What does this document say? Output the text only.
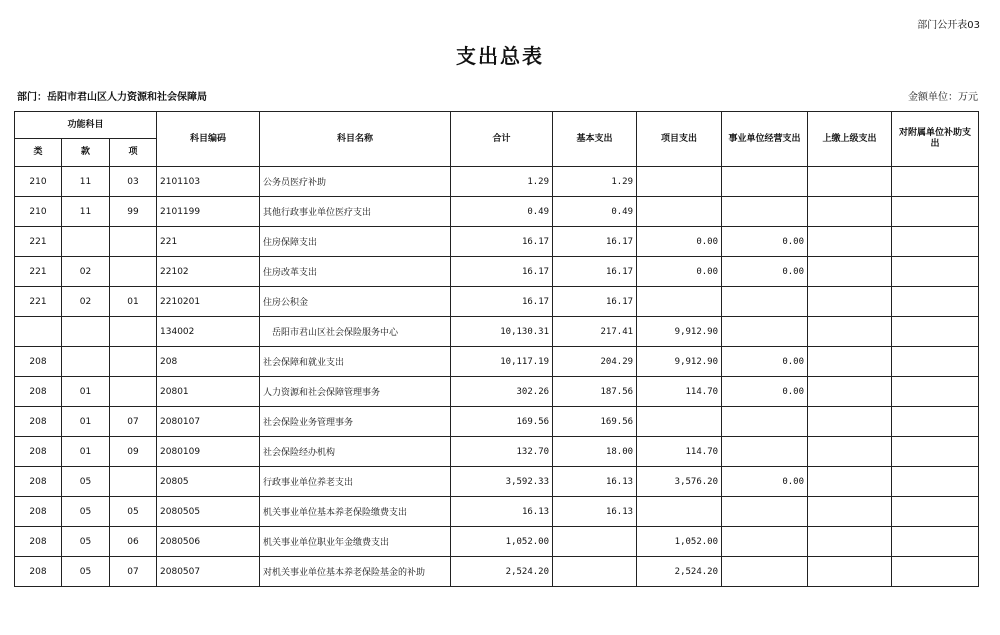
部门公开表03
支出总表
部门：岳阳市君山区人力资源和社会保障局	金额单位：万元
功能科目			科目编码	科目名称	合计	基本支出	项目支出	事业单位经营支出	上缴上级支出	对附属单位补助支出
类	款	项								
210	11	03	2101103	公务员医疗补助	1.29	1.29				
210	11	99	2101199	其他行政事业单位医疗支出	0.49	0.49				
221			221	住房保障支出	16.17	16.17	0.00	0.00		
221	02		22102	住房改革支出	16.17	16.17	0.00	0.00		
221	02	01	2210201	住房公积金	16.17	16.17				
			134002	岳阳市君山区社会保险服务中心	10,130.31	217.41	9,912.90			
208			208	社会保障和就业支出	10,117.19	204.29	9,912.90	0.00		
208	01		20801	人力资源和社会保障管理事务	302.26	187.56	114.70	0.00		
208	01	07	2080107	社会保险业务管理事务	169.56	169.56				
208	01	09	2080109	社会保险经办机构	132.70	18.00	114.70			
208	05		20805	行政事业单位养老支出	3,592.33	16.13	3,576.20	0.00		
208	05	05	2080505	机关事业单位基本养老保险缴费支出	16.13	16.13				
208	05	06	2080506	机关事业单位职业年金缴费支出	1,052.00		1,052.00			
208	05	07	2080507	对机关事业单位基本养老保险基金的补助	2,524.20		2,524.20			
